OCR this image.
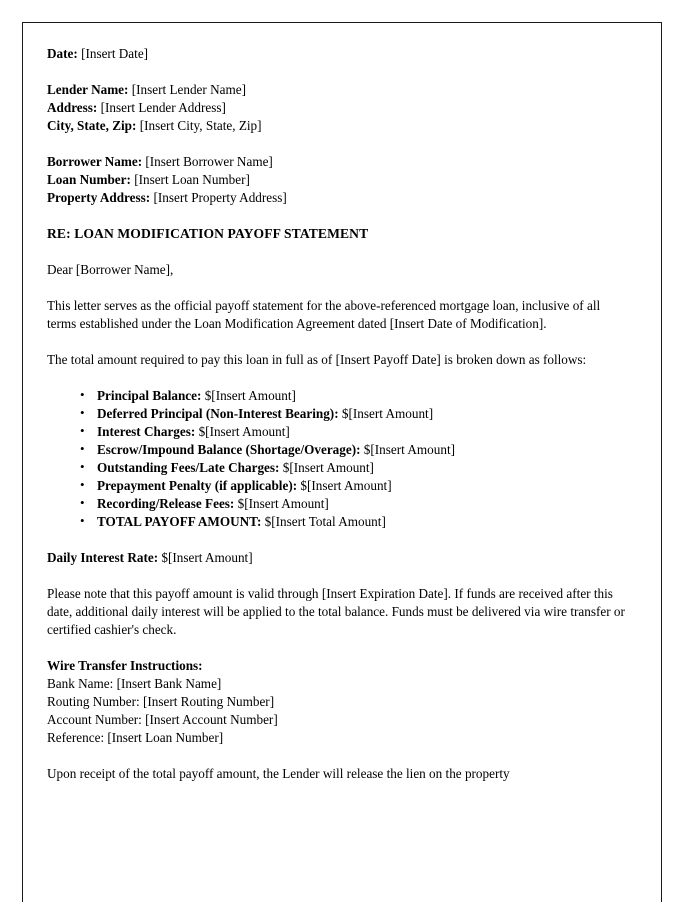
Date: [Insert Date]
Lender Name: [Insert Lender Name]
Address: [Insert Lender Address]
City, State, Zip: [Insert City, State, Zip]
Borrower Name: [Insert Borrower Name]
Loan Number: [Insert Loan Number]
Property Address: [Insert Property Address]
RE: LOAN MODIFICATION PAYOFF STATEMENT
Dear [Borrower Name],

This letter serves as the official payoff statement for the above-referenced mortgage loan, inclusive of all terms established under the Loan Modification Agreement dated [Insert Date of Modification].

The total amount required to pay this loan in full as of [Insert Payoff Date] is broken down as follows:

• Principal Balance: $[Insert Amount]
• Deferred Principal (Non-Interest Bearing): $[Insert Amount]
• Interest Charges: $[Insert Amount]
• Escrow/Impound Balance (Shortage/Overage): $[Insert Amount]
• Outstanding Fees/Late Charges: $[Insert Amount]
• Prepayment Penalty (if applicable): $[Insert Amount]
• Recording/Release Fees: $[Insert Amount]
• TOTAL PAYOFF AMOUNT: $[Insert Total Amount]
Daily Interest Rate: $[Insert Amount]

Please note that this payoff amount is valid through [Insert Expiration Date]. If funds are received after this date, additional daily interest will be applied to the total balance. Funds must be delivered via wire transfer or certified cashier's check.

Wire Transfer Instructions:
Bank Name: [Insert Bank Name]
Routing Number: [Insert Routing Number]
Account Number: [Insert Account Number]
Reference: [Insert Loan Number]

Upon receipt of the total payoff amount, the Lender will release the lien on the property
